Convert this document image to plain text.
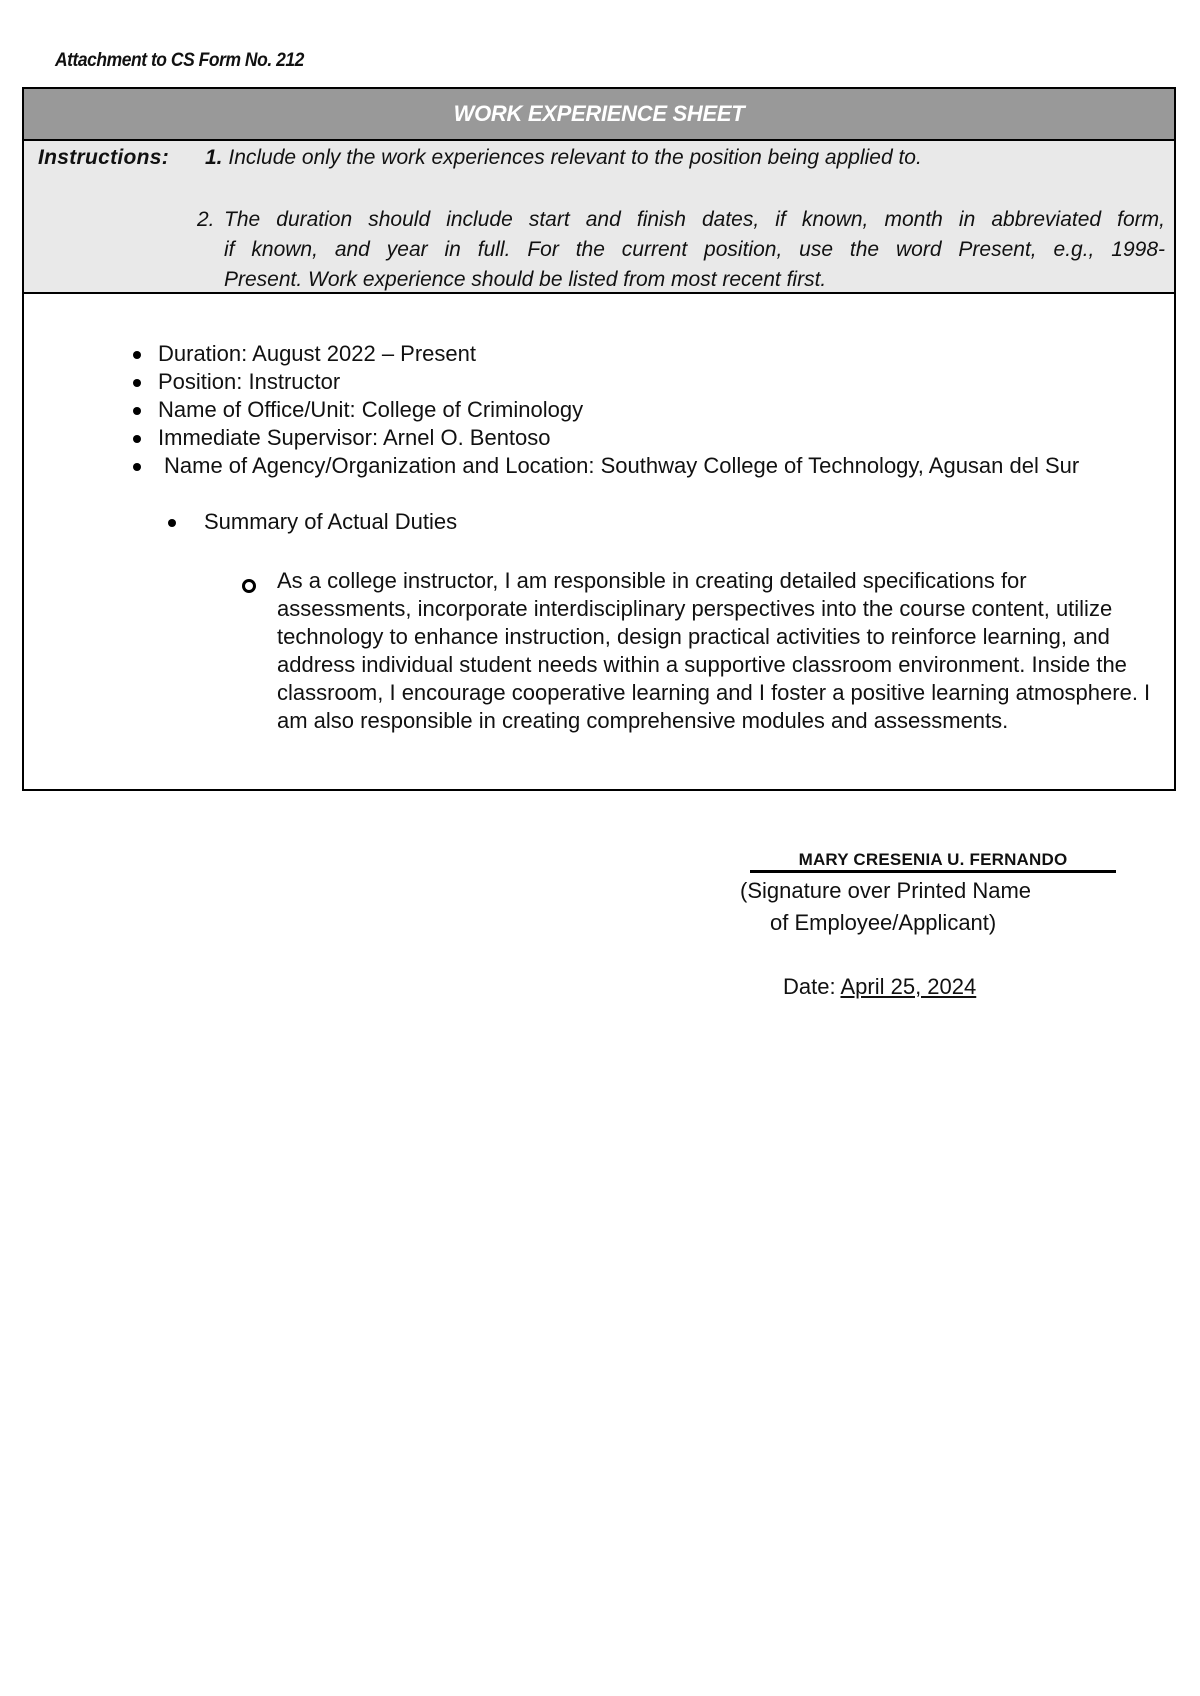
Attachment to CS Form No. 212
WORK EXPERIENCE SHEET
Instructions: 1. Include only the work experiences relevant to the position being applied to.
2. The duration should include start and finish dates, if known, month in abbreviated form,
if known, and year in full. For the current position, use the word Present, e.g., 1998-
Present. Work experience should be listed from most recent first.
Duration: August 2022 – Present
Position: Instructor
Name of Office/Unit: College of Criminology
Immediate Supervisor: Arnel O. Bentoso
Name of Agency/Organization and Location: Southway College of Technology, Agusan del Sur
Summary of Actual Duties

As a college instructor, I am responsible in creating detailed specifications for assessments, incorporate interdisciplinary perspectives into the course content, utilize technology to enhance instruction, design practical activities to reinforce learning, and address individual student needs within a supportive classroom environment. Inside the classroom, I encourage cooperative learning and I foster a positive learning atmosphere. I am also responsible in creating comprehensive modules and assessments.

MARY CRESENIA U. FERNANDO
(Signature over Printed Name
of Employee/Applicant)
Date: April 25, 2024
